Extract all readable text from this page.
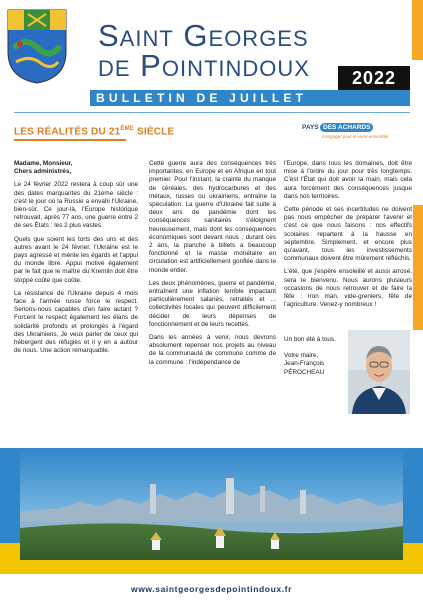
Saint Georges
de Pointindoux	2022
BULLETIN DE JUILLET
LES RÉALITÉS DU 21ÈME SIÈCLE	PAYS DES ACHARDS
s'engager pour le vivre-ensemble

Madame, Monsieur,
Chers administrés,

Le 24 février 2022 restera à coup sûr une des dates marquantes du 21ème siècle : c'est le jour où la Russie a envahi l'Ukraine, bien-sûr. Ce jour-là, l'Europe historique retrouvait, après 77 ans, une guerre entre 2 de ses États : les 2 plus vastes.

Quels que soient les torts des uns et des autres avant le 24 février, l'Ukraine est le pays agressé et mérite les égards et l'appui du monde libre. Appui motivé également par le fait que le maître du Kremlin doit être stoppé coûte que coûte.

La résistance de l'Ukraine depuis 4 mois face à l'armée russe force le respect. Serions-nous capables d'en faire autant ? Forcent le respect également les élans de solidarité profonds et prolongés à l'égard des Ukrainiens. Je veux parler de ceux qui hébergent des réfugiés et il y en a autour de nous. Une action remarquable.

Cette guerre aura des conséquences très importantes, en Europe et en Afrique en tout premier. Pour l'instant, la crainte du manque de céréales, des hydrocarbures et des métaux, russes ou ukrainiens, entraîne la spéculation. La guerre d'Ukraine fait suite à deux ans de pandémie dont les conséquences sanitaires s'éloignent heureusement, mais dont les conséquences économiques sont devant nous : durant ces 2 ans, la planche à billets a beaucoup fonctionné et la masse monétaire en circulation est artificiellement gonflée dans le monde entier.

Les deux phénomènes, guerre et pandémie, entraînent une inflation terrible impactant particulièrement salariés, retraités et ... collectivités locales qui peuvent difficilement décider de leurs dépenses de fonctionnement et de leurs recettes.

Dans les années à venir, nous devrons absolument repenser nos projets au niveau de la communauté de commune comme de la commune : l'indépendance de

l'Europe, dans tous les domaines, doit être mise à l'ordre du jour pour très longtemps. C'est l'État qui doit avoir la main, mais cela aura forcément des conséquences jusque dans nos territoires.

Cette période et ses incertitudes ne doivent pas nous empêcher de préparer l'avenir et c'est ce que nous faisons : nos effectifs scolaires repartent à la hausse en septembre. Simplement, et encore plus qu'avant, tous les investissements communaux doivent être mûrement réfléchis.

L'été, que j'espère ensoleillé et aussi arrosé, sera le bienvenu. Nous aurons plusieurs occasions de nous retrouver et de faire la fête : Iron man, vide-greniers, fête de l'agriculture. Venez-y nombreux !

Un bon été à tous.

Votre maire,

Jean-François PÉROCHEAU

La ville de Kiev, en Ukraine - Pixabay
www.saintgeorgesdepointindoux.fr
